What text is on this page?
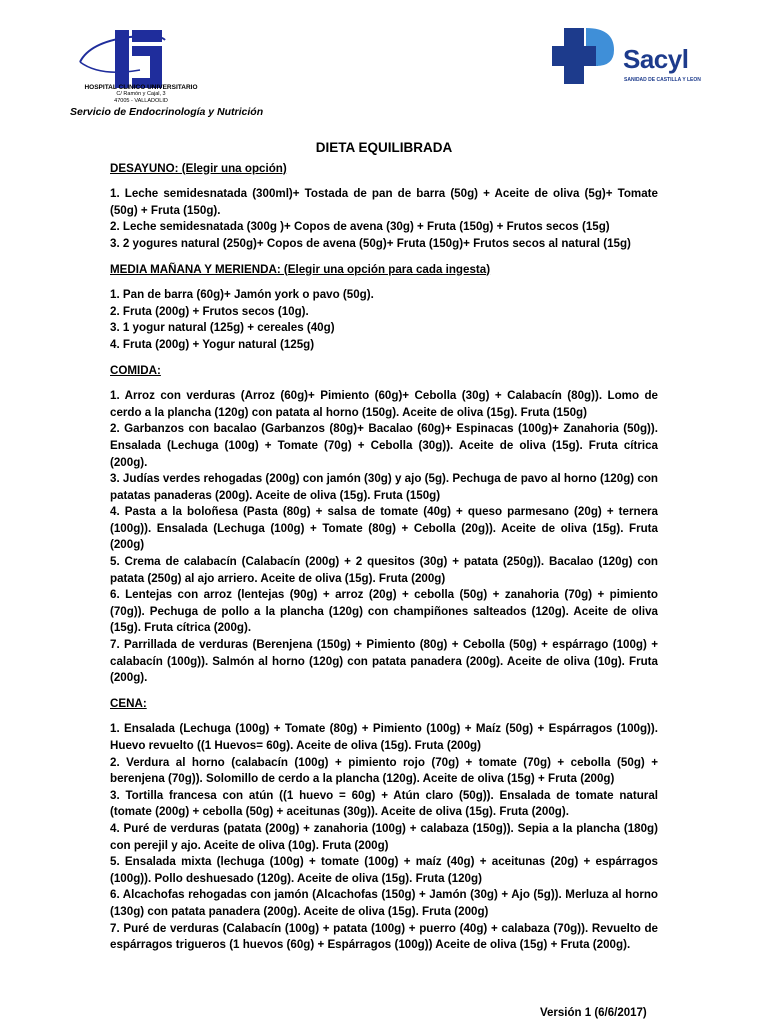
HOSPITAL CLINICO UNIVERSITARIO
C/ Ramón y Cajal, 3
47005 - VALLADOLID
Servicio de Endocrinología y Nutrición
Sacyl
SANIDAD DE CASTILLA Y LEON
DIETA EQUILIBRADA
DESAYUNO: (Elegir una opción)
1. Leche semidesnatada (300ml)+ Tostada de pan de barra (50g) + Aceite de oliva (5g)+ Tomate (50g) + Fruta (150g).
2. Leche semidesnatada (300g )+ Copos de avena (30g) + Fruta (150g) + Frutos secos (15g)
3. 2 yogures natural (250g)+ Copos de avena (50g)+ Fruta (150g)+ Frutos secos al natural (15g)
MEDIA MAÑANA Y MERIENDA: (Elegir una opción para cada ingesta)
1. Pan de barra (60g)+ Jamón york o pavo (50g).
2. Fruta (200g) + Frutos secos (10g).
3. 1 yogur natural (125g) + cereales (40g)
4. Fruta (200g) + Yogur natural (125g)
COMIDA:
1. Arroz con verduras (Arroz (60g)+ Pimiento (60g)+ Cebolla (30g) + Calabacín (80g)). Lomo de cerdo a la plancha (120g) con patata al horno (150g). Aceite de oliva (15g). Fruta (150g)
2. Garbanzos con bacalao (Garbanzos (80g)+ Bacalao (60g)+ Espinacas (100g)+ Zanahoria (50g)). Ensalada (Lechuga (100g) + Tomate (70g) + Cebolla (30g)). Aceite de oliva (15g). Fruta cítrica (200g).
3. Judías verdes rehogadas (200g) con jamón (30g) y ajo (5g). Pechuga de pavo al horno (120g) con patatas panaderas (200g). Aceite de oliva (15g). Fruta (150g)
4. Pasta a la boloñesa (Pasta (80g) + salsa de tomate (40g) + queso parmesano (20g) + ternera (100g)). Ensalada (Lechuga (100g) + Tomate (80g) + Cebolla (20g)). Aceite de oliva (15g). Fruta (200g)
5. Crema de calabacín (Calabacín (200g) + 2 quesitos (30g) + patata (250g)). Bacalao (120g) con patata (250g) al ajo arriero. Aceite de oliva (15g). Fruta (200g)
6. Lentejas con arroz (lentejas (90g) + arroz (20g) + cebolla (50g) + zanahoria (70g) + pimiento (70g)). Pechuga de pollo a la plancha (120g) con champiñones salteados (120g). Aceite de oliva (15g). Fruta cítrica (200g).
7. Parrillada de verduras (Berenjena (150g) + Pimiento (80g) + Cebolla (50g) + espárrago (100g) + calabacín (100g)). Salmón al horno (120g) con patata panadera (200g). Aceite de oliva (10g). Fruta (200g).
CENA:
1. Ensalada (Lechuga (100g) + Tomate (80g) + Pimiento (100g) + Maíz (50g) + Espárragos (100g)). Huevo revuelto ((1 Huevos= 60g). Aceite de oliva (15g). Fruta (200g)
2. Verdura al horno (calabacín (100g) + pimiento rojo (70g) + tomate (70g) + cebolla (50g) + berenjena (70g)). Solomillo de cerdo a la plancha (120g). Aceite de oliva (15g) + Fruta (200g)
3. Tortilla francesa con atún ((1 huevo = 60g) + Atún claro (50g)). Ensalada de tomate natural (tomate (200g) + cebolla (50g) + aceitunas (30g)). Aceite de oliva (15g). Fruta (200g).
4. Puré de verduras (patata (200g) + zanahoria (100g) + calabaza (150g)). Sepia a la plancha (180g) con perejil y ajo. Aceite de oliva (10g). Fruta (200g)
5. Ensalada mixta (lechuga (100g) + tomate (100g) + maíz (40g) + aceitunas (20g) + espárragos (100g)). Pollo deshuesado (120g). Aceite de oliva (15g). Fruta (120g)
6. Alcachofas rehogadas con jamón (Alcachofas (150g) + Jamón (30g) + Ajo (5g)). Merluza al horno (130g) con patata panadera (200g). Aceite de oliva (15g). Fruta (200g)
7. Puré de verduras (Calabacín (100g) + patata (100g) + puerro (40g) + calabaza (70g)). Revuelto de espárragos trigueros (1 huevos (60g) + Espárragos (100g)) Aceite de oliva (15g) + Fruta (200g).
Versión 1 (6/6/2017)
